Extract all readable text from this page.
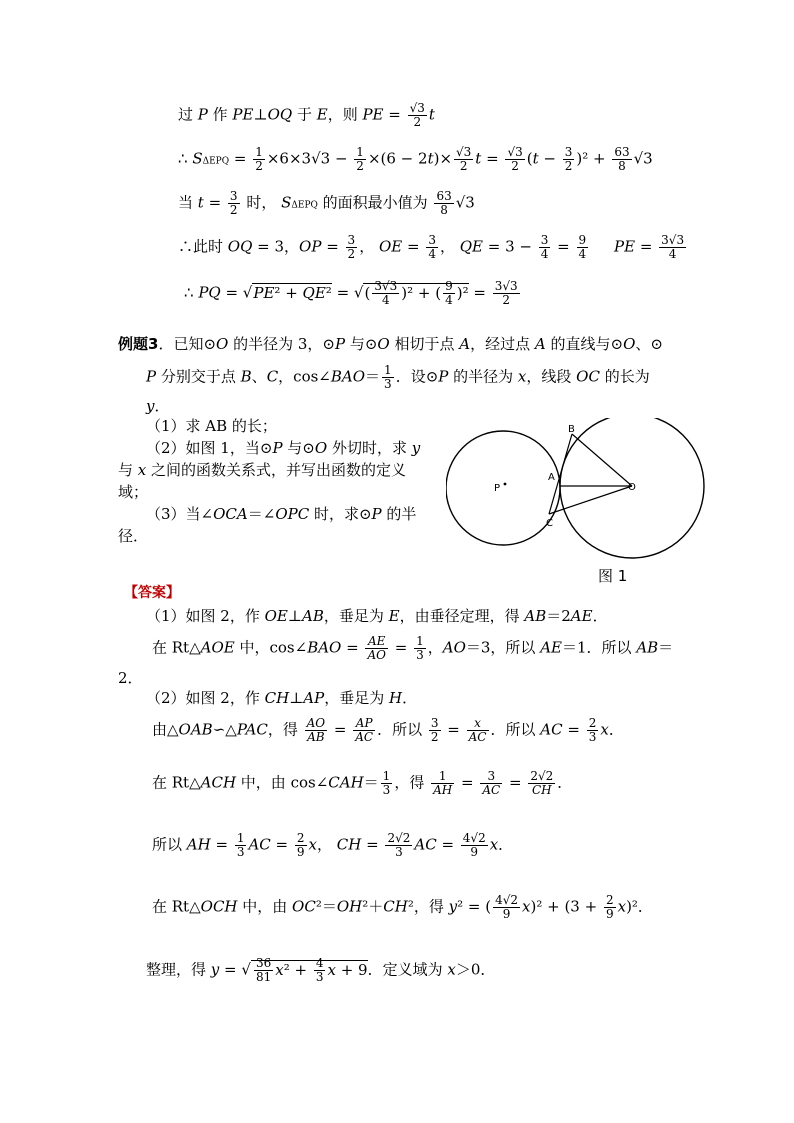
过 P 作 PE⊥OQ 于 E，则 PE = $\frac{√3}{2}$ t
∴ $S\Delta EPQ = \frac{1}{2} \times 6\times 3√3 - \frac{1}{2} \times(6 - 2t)\times \frac{√3}{2}$ $t = \frac{√3}{2} (t - \frac{3}{2} )^2 + \frac{63}{8} √3$
当 $t = \frac{3}{2}$ 时， SΔEPQ 的面积最小值为 $\frac{63}{8} √3$
∴此时 OQ = 3，OP = $\frac{3}{2}$ ， OE = $\frac{3}{4}$ ， QE = $3 - \frac{3}{4} = \frac{9}{4}$ PE = $\frac{3√3}{4}$
∴ PQ = √PE² + QE² = √( $\frac{3√3}{4} )^2$ + ( $\frac{9}{4} )^2 = \frac{3√3}{2}$
例题3．已知⊙O 的半径为 3，⊙P 与⊙O 相切于点 A，经过点 A 的直线与⊙O、⊙
P 分别交于点 B、C，cos∠BAO＝ $\frac{1}{3}$ ．设⊙P 的半径为 x，线段 OC 的长为
y．
（1）求 AB 的长；
（2）如图 1，当⊙P 与⊙O 外切时，求 y
与 x 之间的函数关系式，并写出函数的定义
域；
（3）当∠OCA＝∠OPC 时，求⊙P 的半
径．
B
A
P	O
C
图 1
【答案】
（1）如图 2，作 OE⊥AB，垂足为 E，由垂径定理，得 AB＝2AE．
在 Rt△AOE 中，cos∠BAO = $\frac{AE}{AO} = \frac{1}{3}$ ，AO＝3，所以 AE＝1．所以 AB＝
2．
（2）如图 2，作 CH⊥AP，垂足为 H．
由△OAB∽△PAC，得 $\frac{AO}{AB} = \frac{AP}{AC}$ ．所以 $\frac{3}{2} = \frac{x}{AC}$ ．所以 AC = $\frac{2}{3}$ x．
在 Rt△ACH 中，由 cos∠CAH＝ $\frac{1}{3}$ ，得 $\frac{1}{AH} = \frac{3}{AC} = \frac{2√2}{CH}$ ．
所以 AH = $\frac{1}{3}$ AC = $\frac{2}{9}$ x， CH = $\frac{2√2}{3}$ AC = $\frac{4√2}{9}$ x．
在 Rt△OCH 中，由 OC²＝OH²＋CH²，得 y² = ( $\frac{4√2}{9} x)^2 + (3 + \frac{2}{9} x)^2$．
整理，得 y = √ $\frac{36}{81} x^2 + \frac{4}{3}$ x + 9．定义域为 x＞0．
